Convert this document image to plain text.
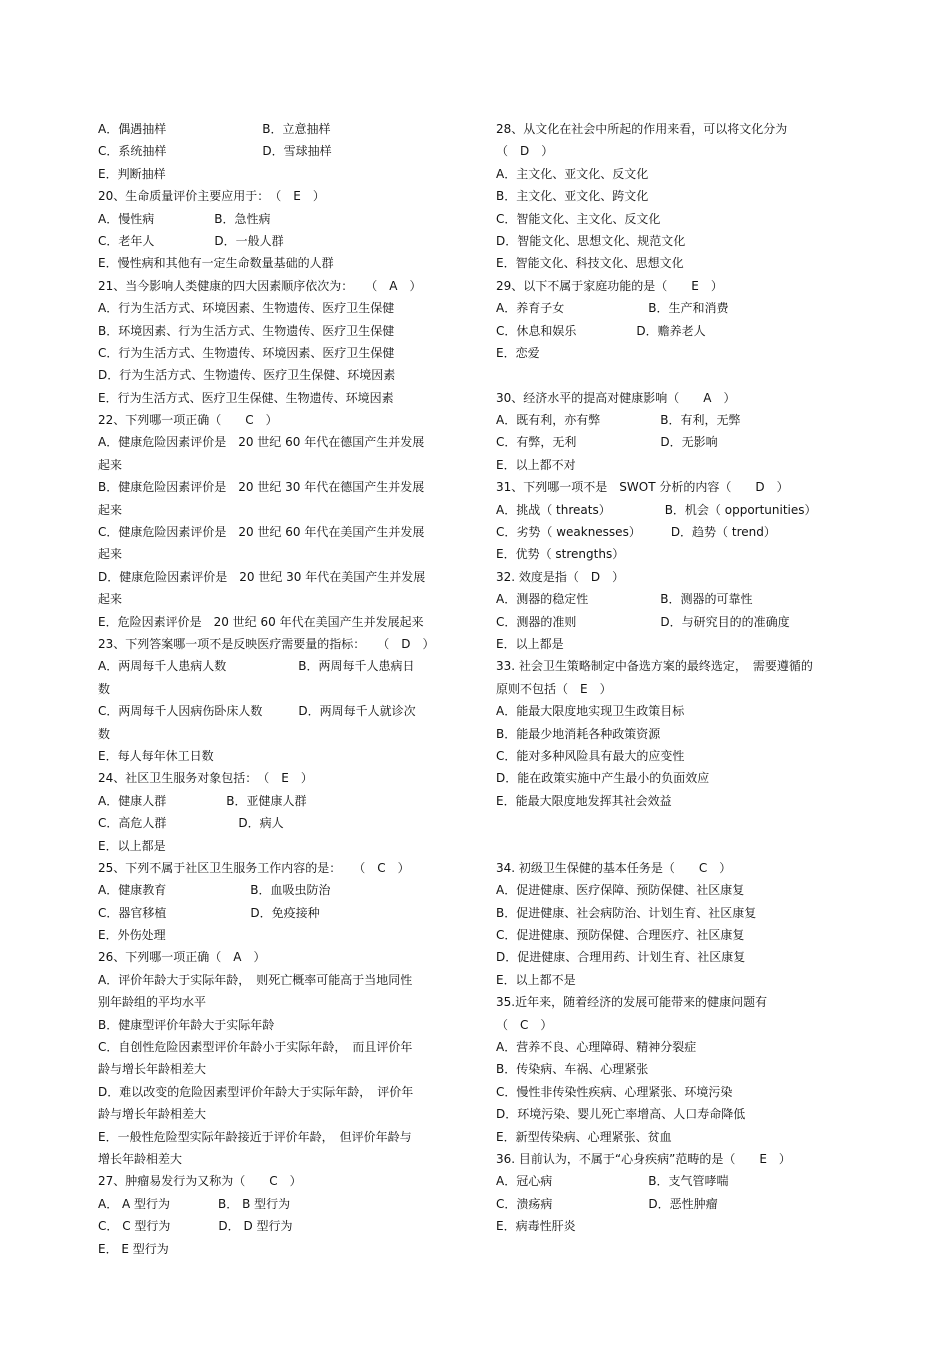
A．偶遇抽样　　　　　　　　B．立意抽样
C．系统抽样　　　　　　　　D．雪球抽样
E．判断抽样
20、生命质量评价主要应用于：　（　E　）
A．慢性病　　　　　B．急性病
C．老年人　　　　　D．一般人群
E．慢性病和其他有一定生命数量基础的人群
21、当今影响人类健康的四大因素顺序依次为：　　（　A　）
A．行为生活方式、环境因素、生物遗传、医疗卫生保健
B．环境因素、行为生活方式、生物遗传、医疗卫生保健
C．行为生活方式、生物遗传、环境因素、医疗卫生保健
D．行为生活方式、生物遗传、医疗卫生保健、环境因素
E．行为生活方式、医疗卫生保健、生物遗传、环境因素
22、下列哪一项正确（　　C　）
A．健康危险因素评价是　20 世纪 60 年代在德国产生并发展
起来
B．健康危险因素评价是　20 世纪 30 年代在德国产生并发展
起来
C．健康危险因素评价是　20 世纪 60 年代在美国产生并发展
起来
D．健康危险因素评价是　20 世纪 30 年代在美国产生并发展
起来
E．危险因素评价是　20 世纪 60 年代在美国产生并发展起来
23、下列答案哪一项不是反映医疗需要量的指标：　　（　D　）
A．两周每千人患病人数　　　　　　B．两周每千人患病日
数
C．两周每千人因病伤卧床人数　　　D．两周每千人就诊次
数
E．每人每年休工日数
24、社区卫生服务对象包括：　（　E　）
A．健康人群　　　　　B．亚健康人群
C．高危人群　　　　　　D．病人
E．以上都是
25、下列不属于社区卫生服务工作内容的是：　　（　C　）
A．健康教育　　　　　　　B．血吸虫防治
C．器官移植　　　　　　　D．免疫接种
E．外伤处理
26、下列哪一项正确（　A　）
A．评价年龄大于实际年龄，　则死亡概率可能高于当地同性
别年龄组的平均水平
B．健康型评价年龄大于实际年龄
C．自创性危险因素型评价年龄小于实际年龄，　而且评价年
龄与增长年龄相差大
D．难以改变的危险因素型评价年龄大于实际年龄，　评价年
龄与增长年龄相差大
E．一般性危险型实际年龄接近于评价年龄，　但评价年龄与
增长年龄相差大
27、肿瘤易发行为又称为（　　C　）
A． A 型行为　　　　B． B 型行为
C． C 型行为　　　　D． D 型行为
E． E 型行为
28、从文化在社会中所起的作用来看，可以将文化分为
（　D　）
A．主文化、亚文化、反文化
B．主文化、亚文化、跨文化
C．智能文化、主文化、反文化
D．智能文化、思想文化、规范文化
E．智能文化、科技文化、思想文化
29、以下不属于家庭功能的是（　　E　）
A．养育子女　　　　　　　B．生产和消费
C．休息和娱乐　　　　　D．赡养老人
E．恋爱
30、经济水平的提高对健康影响（　　A　）
A．既有利，亦有弊　　　　　B．有利，无弊
C．有弊，无利　　　　　　　D．无影响
E．以上都不对
31、下列哪一项不是　SWOT 分析的内容（　　D　）
A．挑战（ threats）　　　　　B．机会（ opportunities）
C．劣势（ weaknesses）　　　D．趋势（ trend）
E．优势（ strengths）
32. 效度是指（　D　）
A．测器的稳定性　　　　　　B．测器的可靠性
C．测器的准则　　　　　　　D．与研究目的的准确度
E．以上都是
33. 社会卫生策略制定中备选方案的最终选定，　需要遵循的
原则不包括（　E　）
A．能最大限度地实现卫生政策目标
B．能最少地消耗各种政策资源
C．能对多种风险具有最大的应变性
D．能在政策实施中产生最小的负面效应
E．能最大限度地发挥其社会效益
34. 初级卫生保健的基本任务是（　　C　）
A．促进健康、医疗保障、预防保健、社区康复
B．促进健康、社会病防治、计划生育、社区康复
C．促进健康、预防保健、合理医疗、社区康复
D．促进健康、合理用药、计划生育、社区康复
E．以上都不是
35.近年来，随着经济的发展可能带来的健康问题有
（　C　）
A．营养不良、心理障碍、精神分裂症
B．传染病、车祸、心理紧张
C．慢性非传染性疾病、心理紧张、环境污染
D．环境污染、婴儿死亡率增高、人口寿命降低
E．新型传染病、心理紧张、贫血
36. 目前认为，不属于“心身疾病”范畴的是（　　E　）
A．冠心病　　　　　　　　B．支气管哮喘
C．溃疡病　　　　　　　　D．恶性肿瘤
E．病毒性肝炎
